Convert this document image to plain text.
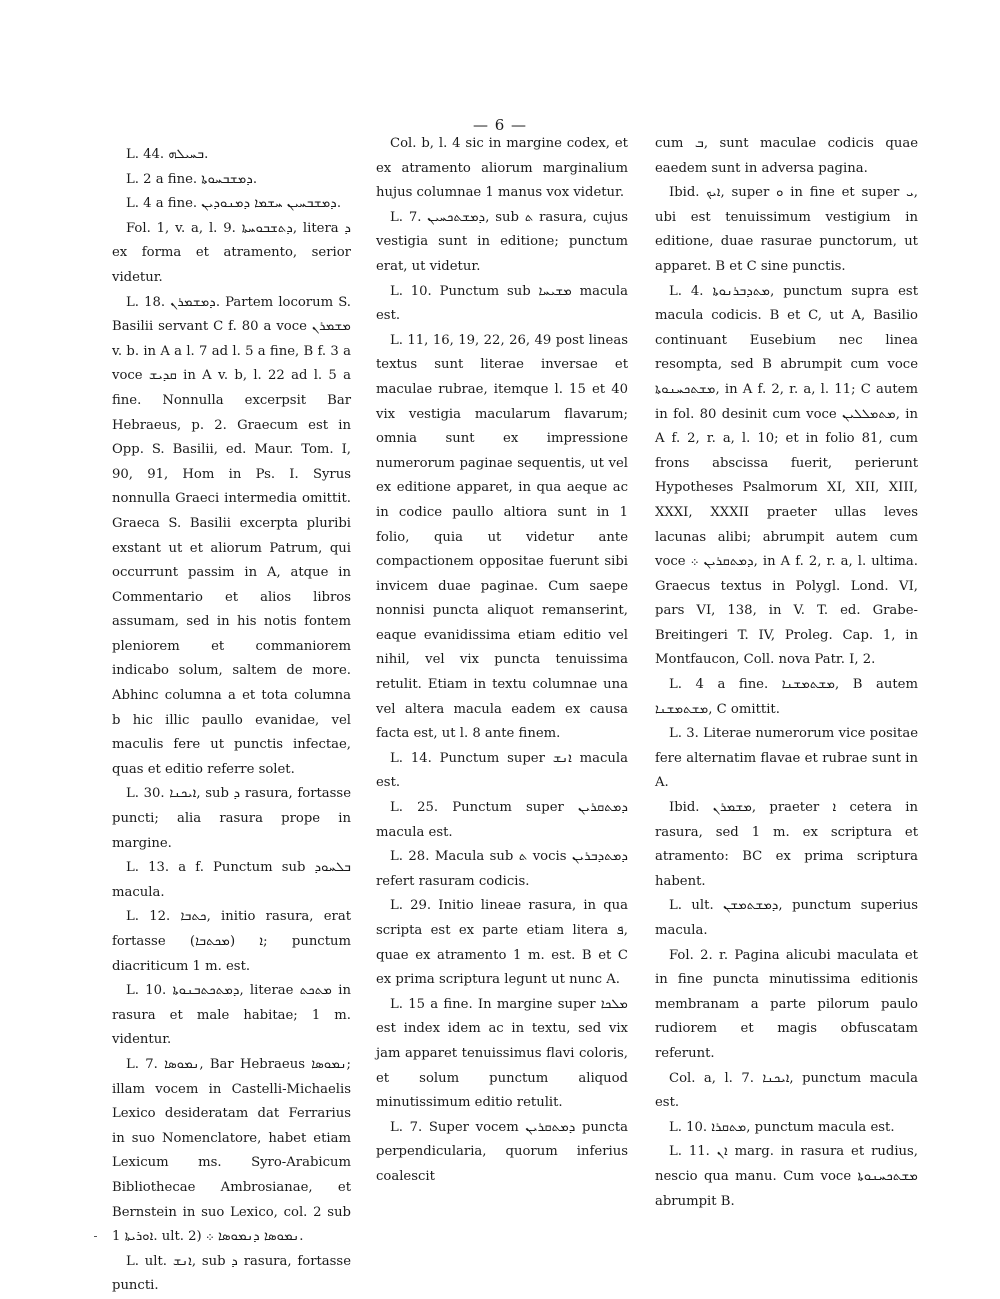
— 6 —

L. 44. ܒܚܝܠܗ.

L. 2 a fine. ܕܡܫܒܚܘܬܐ.

L. 4 a fine. ܕܡܫܒܚܝܢ ܚܫܡܐ ܕܡܢܘܕܝܢ.

Fol. 1, v. a, l. 9. ܕܬܫܒܘܚܬܐ, litera ܕ ex forma et atramento, serior videtur.

L. 18. ܕܡܫܡܪܢ. Partem locorum S. Basilii servant C f. 80 a voce ܡܫܡܪܢ v. b. in A a l. 7 ad l. 5 a fine, B f. 3 a voce ܩܕܝܫ in A v. b, l. 22 ad l. 5 a fine. Nonnulla excerpsit Bar Hebraeus, p. 2. Graecum est in Opp. S. Basilii, ed. Maur. Tom. I, 90, 91, Hom in Ps. I. Syrus nonnulla Graeci intermedia omittit. Graeca S. Basilii excerpta pluribi exstant ut et aliorum Patrum, qui occurrunt passim in A, atque in Commentario et alios libros assumam, sed in his notis fontem pleniorem et commaniorem indicabo solum, saltem de more. Abhinc columna a et tota columna b hic illic paullo evanidae, vel maculis fere ut punctis infectae, quas et editio referre solet.

L. 30. ܐܝܟܢܐ, sub ܕ rasura, fortasse puncti; alia rasura prope in margine.

L. 13. a f. Punctum sub ܒܠܚܘܕ macula.

L. 12. ܟܬܒܐ, initio rasura, erat fortasse ܐ (ܡܟܬܒܐ); punctum diacriticum 1 m. est.

L. 10. ܕܡܬܟܬܒܢܘܬܐ, literae ܡܬܟܬ in rasura et male habitae; 1 m. videntur.

L. 7. ܢܡܘܣܐ, Bar Hebraeus ܢܡܘܣܐ; illam vocem in Castelli-Michaelis Lexico desideratam dat Ferrarius in suo Nomenclatore, habet etiam Lexicum ms. Syro-Arabicum Bibliothecae Ambrosianae, et Bernstein in suo Lexico, col. 2 sub ܐܘܪܝܬܐ 1. ult. 2) ܢܡܘܣܐ ܕܢܡܘܣܐ ܀.

L. ult. ܐܢܫ, sub ܕ rasura, fortasse puncti.

Col. b, l. 4 sic in margine codex, et ex atramento aliorum marginalium hujus columnae 1 manus vox videtur.

L. 7. ܕܡܫܬܟܚܝܢ, sub ܬ rasura, cujus vestigia sunt in editione; punctum erat, ut videtur.

L. 10. Punctum sub ܡܫܝܚܐ macula est.

L. 11, 16, 19, 22, 26, 49 post lineas textus sunt literae inversae et maculae rubrae, itemque l. 15 et 40 vix vestigia macularum flavarum; omnia sunt ex impressione numerorum paginae sequentis, ut vel ex editione apparet, in qua aeque ac in codice paullo altiora sunt in 1 folio, quia ut videtur ante compactionem oppositae fuerunt sibi invicem duae paginae. Cum saepe nonnisi puncta aliquot remanserint, eaque evanidissima etiam editio vel nihil, vel vix puncta tenuissima retulit. Etiam in textu columnae una vel altera macula eadem ex causa facta est, ut l. 8 ante finem.

L. 14. Punctum super ܐܢܫ macula est.

L. 25. Punctum super ܕܡܬܩܪܝܢ macula est.

L. 28. Macula sub ܬ vocis ܕܡܬܕܒܪܝܢ refert rasuram codicis.

L. 29. Initio lineae rasura, in qua scripta est ex parte etiam litera ܦ, quae ex atramento 1 m. est. B et C ex prima scriptura legunt ut nunc A.

L. 15 a fine. In margine super ܡܠܟܐ est index idem ac in textu, sed vix jam apparet tenuissimus flavi coloris, et solum punctum aliquod minutissimum editio retulit.

L. 7. Super vocem ܕܡܬܩܪܝܢ puncta perpendicularia, quorum inferius coalescit

cum ܒ, sunt maculae codicis quae eaedem sunt in adversa pagina.

Ibid. ܐܝܟ, super ܘ in fine et super ܝ, ubi est tenuissimum vestigium in editione, duae rasurae punctorum, ut apparet. B et C sine punctis.

L. 4. ܡܬܕܒܪܢܘܬܐ, punctum supra est macula codicis. B et C, ut A, Basilio continuant Eusebium nec linea resompta, sed B abrumpit cum voce ܡܫܬܟܚܢܘܬܐ, in A f. 2, r. a, l. 11; C autem in fol. 80 desinit cum voce ܡܬܡܠܠܝܢ, in A f. 2, r. a, l. 10; et in folio 81, cum frons abscissa fuerit, perierunt Hypotheses Psalmorum XI, XII, XIII, XXXI, XXXII praeter ullas leves lacunas alibi; abrumpit autem cum voce ܕܡܬܩܪܝܢ ܀, in A f. 2, r. a, l. ultima. Graecus textus in Polygl. Lond. VI, pars VI, 138, in V. T. ed. Grabe-Breitingeri T. IV, Proleg. Cap. 1, in Montfaucon, Coll. nova Patr. I, 2.

L. 4 a fine. ܡܫܬܡܫܢܐ, B autem ܡܫܬܡܫܢܐ, C omittit.

L. 3. Literae numerorum vice positae fere alternatim flavae et rubrae sunt in A.

Ibid. ܡܫܡܪܢ, praeter ܐ cetera in rasura, sed 1 m. ex scriptura et atramento: BC ex prima scriptura habent.

L. ult. ܕܡܫܬܡܫܢ, punctum superius macula.

Fol. 2. r. Pagina alicubi maculata et in fine puncta minutissima editionis membranam a parte pilorum paulo rudiorem et magis obfuscatam referunt.

Col. a, l. 7. ܐܝܟܢܐ, punctum macula est.

L. 10. ܡܬܩܪܐ, punctum macula est.

L. 11. ܐܢ marg. in rasura et rudius, nescio qua manu. Cum voce ܡܫܬܟܚܢܘܬܐ abrumpit B.
